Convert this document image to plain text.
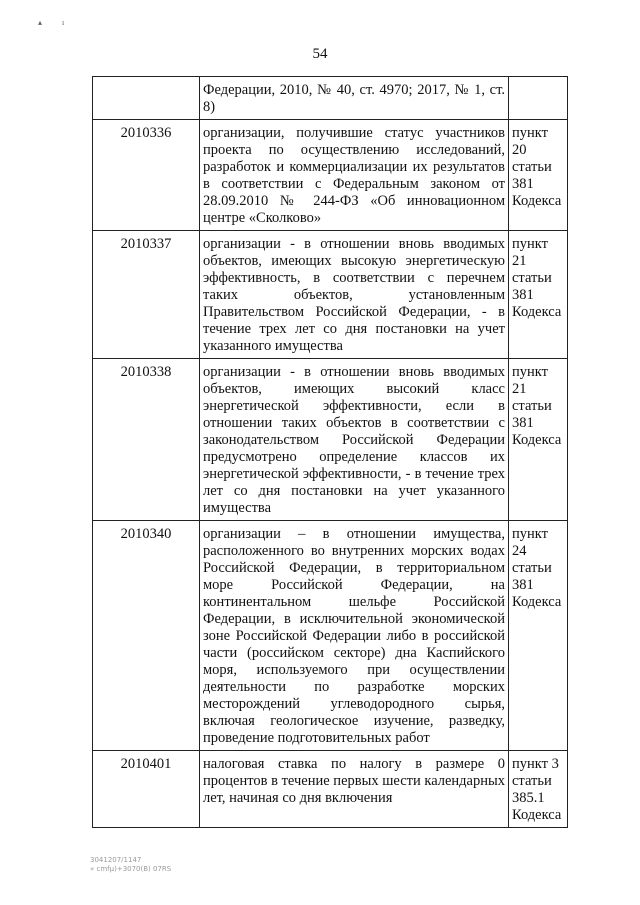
▴ı
54
	Федерации, 2010, № 40, ст. 4970; 2017, № 1, ст. 8)	
2010336	организации, получившие статус участников проекта по осуществлению исследований, разработок и коммерциализации их результатов в соответствии с Федеральным законом от 28.09.2010 № 244-ФЗ «Об инновационном центре «Сколково»	пункт 20 статьи 381 Кодекса
2010337	организации - в отношении вновь вводимых объектов, имеющих высокую энергетическую эффективность, в соответствии с перечнем таких объектов, установленным Правительством Российской Федерации, - в течение трех лет со дня постановки на учет указанного имущества	пункт 21 статьи 381 Кодекса
2010338	организации - в отношении вновь вводимых объектов, имеющих высокий класс энергетической эффективности, если в отношении таких объектов в соответствии с законодательством Российской Федерации предусмотрено определение классов их энергетической эффективности, - в течение трех лет со дня постановки на учет указанного имущества	пункт 21 статьи 381 Кодекса
2010340	организации – в отношении имущества, расположенного во внутренних морских водах Российской Федерации, в территориальном море Российской Федерации, на континентальном шельфе Российской Федерации, в исключительной экономической зоне Российской Федерации либо в российской части (российском секторе) дна Каспийского моря, используемого при осуществлении деятельности по разработке морских месторождений углеводородного сырья, включая геологическое изучение, разведку, проведение подготовительных работ	пункт 24 статьи 381 Кодекса
2010401	налоговая ставка по налогу в размере 0 процентов в течение первых шести календарных лет, начиная со дня включения	пункт 3 статьи 385.1 Кодекса
3041207/1147
« cmfµ)+3070(B) 07RS
